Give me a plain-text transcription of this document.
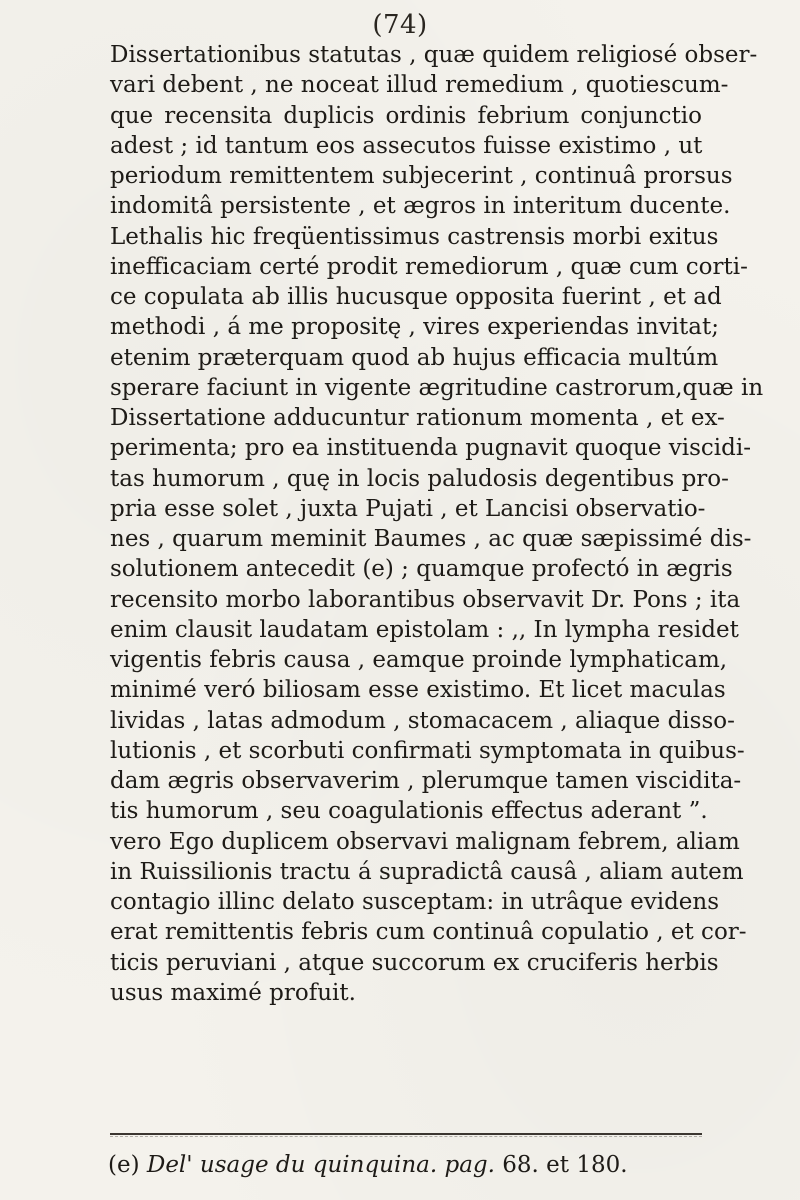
(74)
Dissertationibus statutas , quæ quidem religiosé obser-
vari debent , ne noceat illud remedium , quotiescum-
que recensita duplicis ordinis febrium conjunctio
adest ; id tantum eos assecutos fuisse existimo , ut
periodum remittentem subjecerint , continuâ prorsus
indomitâ persistente , et ægros in interitum ducente.
Lethalis hic freqüentissimus castrensis morbi exitus
inefficaciam certé prodit remediorum , quæ cum corti-
ce copulata ab illis hucusque opposita fuerint , et ad
methodi , á me propositę , vires experiendas invitat;
etenim præterquam quod ab hujus efficacia multúm
sperare faciunt in vigente ægritudine castrorum,quæ in
Dissertatione adducuntur rationum momenta , et ex-
perimenta; pro ea instituenda pugnavit quoque viscidi-
tas humorum , quę in locis paludosis degentibus pro-
pria esse solet , juxta Pujati , et Lancisi observatio-
nes , quarum meminit Baumes , ac quæ sæpissimé dis-
solutionem antecedit (e) ; quamque profectó in ægris
recensito morbo laborantibus observavit Dr. Pons ; ita
enim clausit laudatam epistolam : ,, In lympha residet
vigentis febris causa , eamque proinde lymphaticam,
minimé veró biliosam esse existimo. Et licet maculas
lividas , latas admodum , stomacacem , aliaque disso-
lutionis , et scorbuti confirmati symptomata in quibus-
dam ægris observaverim , plerumque tamen viscidita-
tis humorum , seu coagulationis effectus aderant ”.
vero Ego duplicem observavi malignam febrem, aliam
in Ruissilionis tractu á supradictâ causâ , aliam autem
contagio illinc delato susceptam: in utrâque evidens
erat remittentis febris cum continuâ copulatio , et cor-
ticis peruviani , atque succorum ex cruciferis herbis
usus maximé profuit.
(e) Del' usage du quinquina. pag. 68. et 180.
